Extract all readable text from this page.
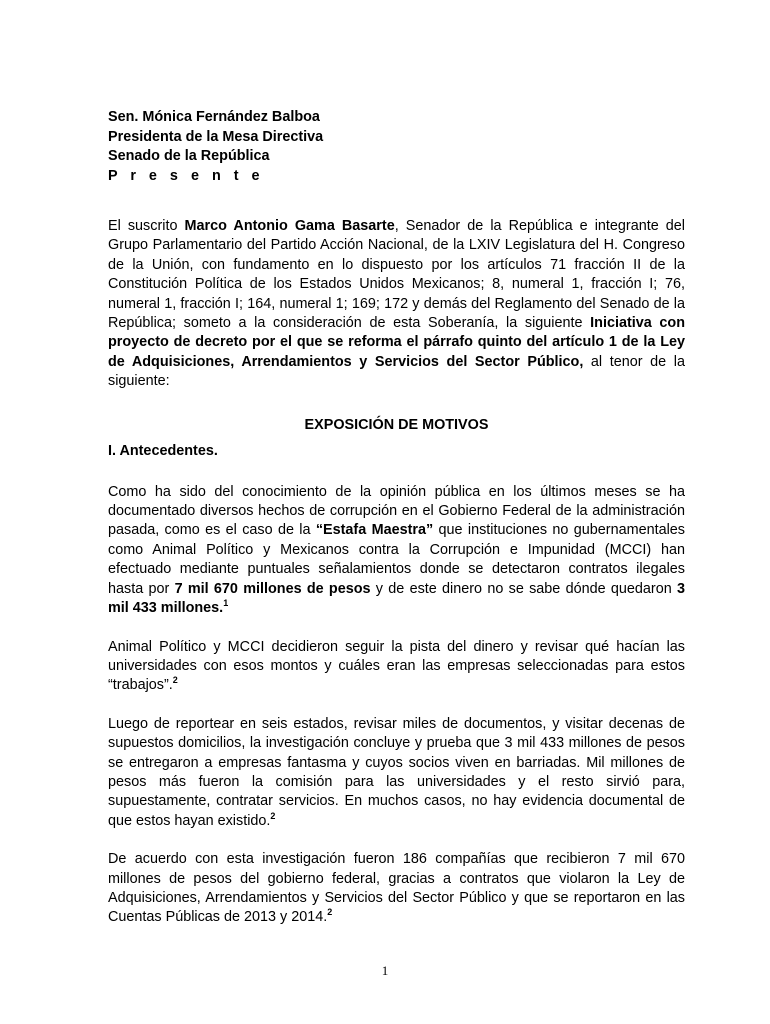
Sen. Mónica Fernández Balboa

Presidenta de la Mesa Directiva

Senado de la República

P r e s e n t e

El suscrito Marco Antonio Gama Basarte, Senador de la República e integrante del Grupo Parlamentario del Partido Acción Nacional, de la LXIV Legislatura del H. Congreso de la Unión, con fundamento en lo dispuesto por los artículos 71 fracción II de la Constitución Política de los Estados Unidos Mexicanos; 8, numeral 1, fracción I; 76, numeral 1, fracción I; 164, numeral 1; 169; 172 y demás del Reglamento del Senado de la República; someto a la consideración de esta Soberanía, la siguiente Iniciativa con proyecto de decreto por el que se reforma el párrafo quinto del artículo 1 de la Ley de Adquisiciones, Arrendamientos y Servicios del Sector Público, al tenor de la siguiente:

EXPOSICIÓN DE MOTIVOS

I. Antecedentes.

Como ha sido del conocimiento de la opinión pública en los últimos meses se ha documentado diversos hechos de corrupción en el Gobierno Federal de la administración pasada, como es el caso de la “Estafa Maestra” que instituciones no gubernamentales como Animal Político y Mexicanos contra la Corrupción e Impunidad (MCCI) han efectuado mediante puntuales señalamientos donde se detectaron contratos ilegales hasta por 7 mil 670 millones de pesos y de este dinero no se sabe dónde quedaron 3 mil 433 millones.$^1$

Animal Político y MCCI decidieron seguir la pista del dinero y revisar qué hacían las universidades con esos montos y cuáles eran las empresas seleccionadas para estos “trabajos”.$^2$

Luego de reportear en seis estados, revisar miles de documentos, y visitar decenas de supuestos domicilios, la investigación concluye y prueba que 3 mil 433 millones de pesos se entregaron a empresas fantasma y cuyos socios viven en barriadas. Mil millones de pesos más fueron la comisión para las universidades y el resto sirvió para, supuestamente, contratar servicios. En muchos casos, no hay evidencia documental de que estos hayan existido.$^2$

De acuerdo con esta investigación fueron 186 compañías que recibieron 7 mil 670 millones de pesos del gobierno federal, gracias a contratos que violaron la Ley de Adquisiciones, Arrendamientos y Servicios del Sector Público y que se reportaron en las Cuentas Públicas de 2013 y 2014.$^2$

1
